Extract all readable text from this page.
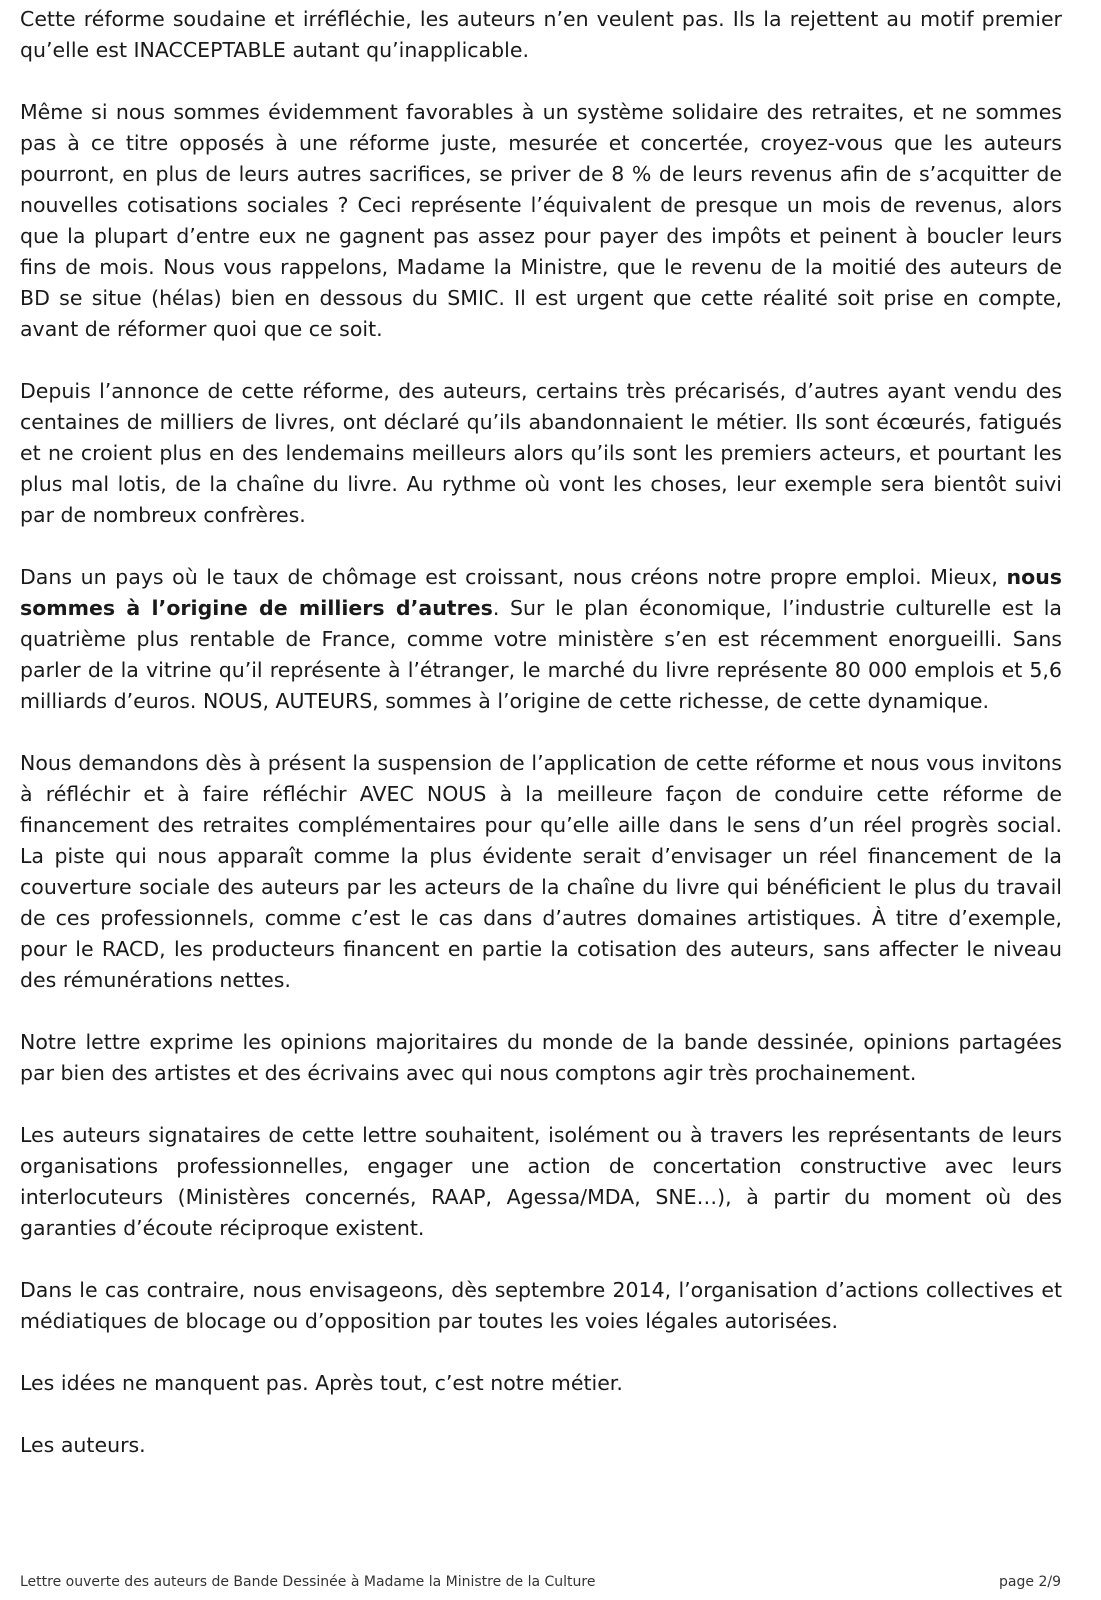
Cette réforme soudaine et irréfléchie, les auteurs n’en veulent pas. Ils la rejettent au motif premier qu’elle est INACCEPTABLE autant qu’inapplicable.

Même si nous sommes évidemment favorables à un système solidaire des retraites, et ne sommes pas à ce titre opposés à une réforme juste, mesurée et concertée, croyez-vous que les auteurs pourront, en plus de leurs autres sacrifices, se priver de 8 % de leurs revenus afin de s’acquitter de nouvelles cotisations sociales ? Ceci représente l’équivalent de presque un mois de revenus, alors que la plupart d’entre eux ne gagnent pas assez pour payer des impôts et peinent à boucler leurs fins de mois. Nous vous rappelons, Madame la Ministre, que le revenu de la moitié des auteurs de BD se situe (hélas) bien en dessous du SMIC. Il est urgent que cette réalité soit prise en compte, avant de réformer quoi que ce soit.

Depuis l’annonce de cette réforme, des auteurs, certains très précarisés, d’autres ayant vendu des centaines de milliers de livres, ont déclaré qu’ils abandonnaient le métier. Ils sont écœurés, fatigués et ne croient plus en des lendemains meilleurs alors qu’ils sont les premiers acteurs, et pourtant les plus mal lotis, de la chaîne du livre. Au rythme où vont les choses, leur exemple sera bientôt suivi par de nombreux confrères.

Dans un pays où le taux de chômage est croissant, nous créons notre propre emploi. Mieux, nous sommes à l’origine de milliers d’autres. Sur le plan économique, l’industrie culturelle est la quatrième plus rentable de France, comme votre ministère s’en est récemment enorgueilli. Sans parler de la vitrine qu’il représente à l’étranger, le marché du livre représente 80 000 emplois et 5,6 milliards d’euros. NOUS, AUTEURS, sommes à l’origine de cette richesse, de cette dynamique.

Nous demandons dès à présent la suspension de l’application de cette réforme et nous vous invitons à réfléchir et à faire réfléchir AVEC NOUS à la meilleure façon de conduire cette réforme de financement des retraites complémentaires pour qu’elle aille dans le sens d’un réel progrès social. La piste qui nous apparaît comme la plus évidente serait d’envisager un réel financement de la couverture sociale des auteurs par les acteurs de la chaîne du livre qui bénéficient le plus du travail de ces professionnels, comme c’est le cas dans d’autres domaines artistiques. À titre d’exemple, pour le RACD, les producteurs financent en partie la cotisation des auteurs, sans affecter le niveau des rémunérations nettes.

Notre lettre exprime les opinions majoritaires du monde de la bande dessinée, opinions partagées par bien des artistes et des écrivains avec qui nous comptons agir très prochainement.

Les auteurs signataires de cette lettre souhaitent, isolément ou à travers les représentants de leurs organisations professionnelles, engager une action de concertation constructive avec leurs interlocuteurs (Ministères concernés, RAAP, Agessa/MDA, SNE…), à partir du moment où des garanties d’écoute réciproque existent.

Dans le cas contraire, nous envisageons, dès septembre 2014, l’organisation d’actions collectives et médiatiques de blocage ou d’opposition par toutes les voies légales autorisées.

Les idées ne manquent pas. Après tout, c’est notre métier.

Les auteurs.

Lettre ouverte des auteurs de Bande Dessinée à Madame la Ministre de la Culture	page 2/9
